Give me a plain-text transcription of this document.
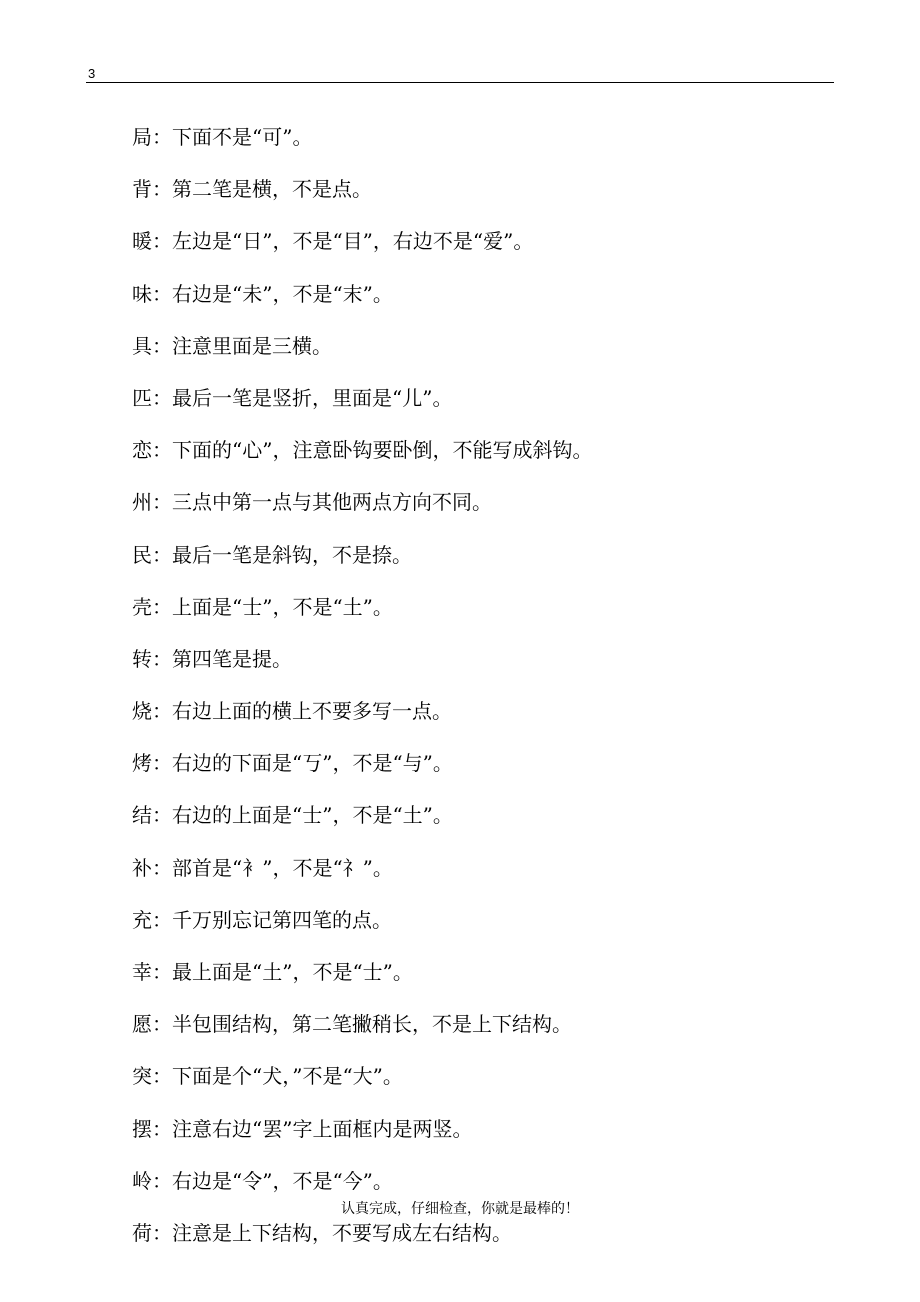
3
局：下面不是“可”。
背：第二笔是横，不是点。
暖：左边是“日”，不是“目”，右边不是“爱”。
味：右边是“未”，不是“末”。
具：注意里面是三横。
匹：最后一笔是竖折，里面是“儿”。
恋：下面的“心”，注意卧钩要卧倒，不能写成斜钩。
州：三点中第一点与其他两点方向不同。
民：最后一笔是斜钩，不是捺。
壳：上面是“士”，不是“土”。
转：第四笔是提。
烧：右边上面的横上不要多写一点。
烤：右边的下面是“丂”，不是“与”。
结：右边的上面是“士”，不是“土”。
补：部首是“衤”，不是“礻”。
充：千万别忘记第四笔的点。
幸：最上面是“土”，不是“士”。
愿：半包围结构，第二笔撇稍长，不是上下结构。
突：下面是个“犬，”不是“大”。
摆：注意右边“罢”字上面框内是两竖。
岭：右边是“令”，不是“今”。
荷：注意是上下结构，不要写成左右结构。
认真完成，仔细检查，你就是最棒的！
